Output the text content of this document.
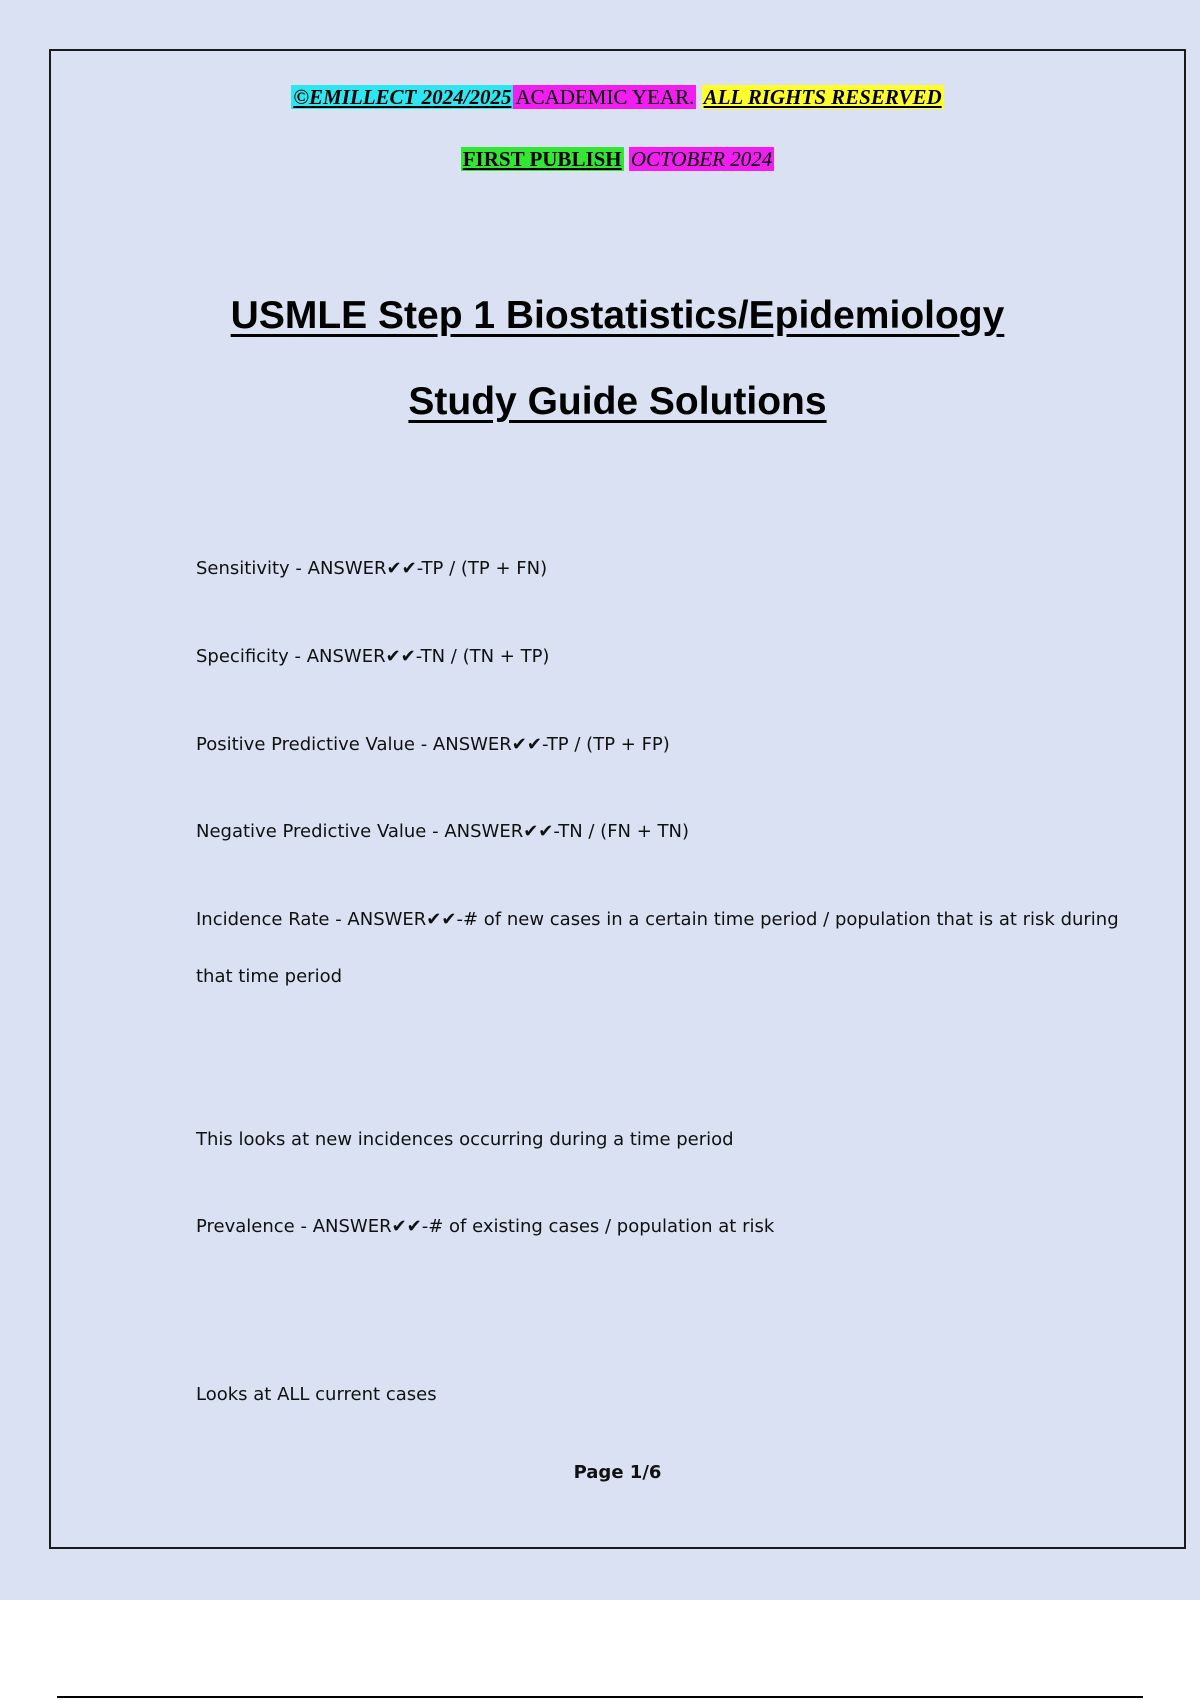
©EMILLECT 2024/2025 ACADEMIC YEAR. ALL RIGHTS RESERVED
FIRST PUBLISH OCTOBER 2024
USMLE Step 1 Biostatistics/Epidemiology
Study Guide Solutions
Sensitivity - ANSWER✔✔-TP / (TP + FN)
Specificity - ANSWER✔✔-TN / (TN + TP)
Positive Predictive Value - ANSWER✔✔-TP / (TP + FP)
Negative Predictive Value - ANSWER✔✔-TN / (FN + TN)
Incidence Rate - ANSWER✔✔-# of new cases in a certain time period / population that is at risk during
that time period
This looks at new incidences occurring during a time period
Prevalence - ANSWER✔✔-# of existing cases / population at risk
Looks at ALL current cases
Page 1/6
